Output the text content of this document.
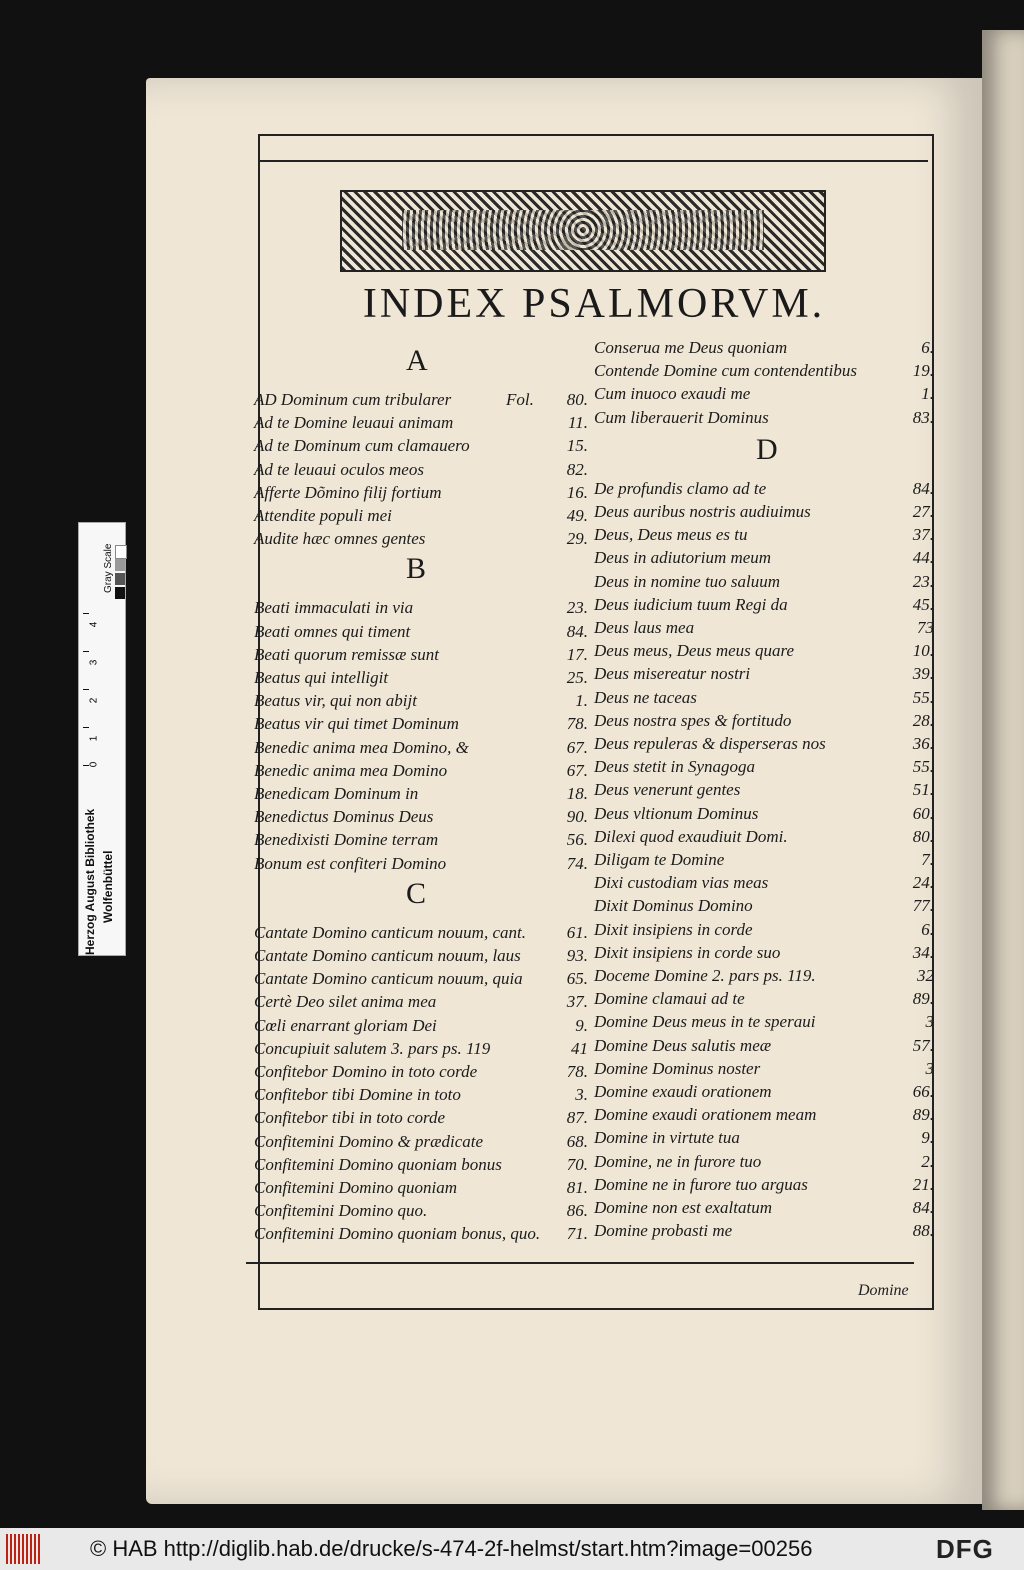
INDEX PSALMORVM.
A
AD Dominum cum tribularer	Fol.	80.
Ad te Domine leuaui animam	11.
Ad te Dominum cum clamauero	15.
Ad te leuaui oculos meos	82.
Afferte Dõmino filij fortium	16.
Attendite populi mei	49.
Audite hæc omnes gentes	29.
B
Beati immaculati in via	23.
Beati omnes qui timent	84.
Beati quorum remissæ sunt	17.
Beatus qui intelligit	25.
Beatus vir, qui non abijt	1.
Beatus vir qui timet Dominum	78.
Benedic anima mea Domino, &	67.
Benedic anima mea Domino	67.
Benedicam Dominum in	18.
Benedictus Dominus Deus	90.
Benedixisti Domine terram	56.
Bonum est confiteri Domino	74.
C
Cantate Domino canticum nouum, cant.	61.
Cantate Domino canticum nouum, laus	93.
Cantate Domino canticum nouum, quia	65.
Certè Deo silet anima mea	37.
Cœli enarrant gloriam Dei	9.
Concupiuit salutem 3. pars ps. 119	41
Confitebor Domino in toto corde	78.
Confitebor tibi Domine in toto	3.
Confitebor tibi in toto corde	87.
Confitemini Domino & prædicate	68.
Confitemini Domino quoniam bonus	70.
Confitemini Domino quoniam	81.
Confitemini Domino quo.	86.
Confitemini Domino quoniam bonus, quo.	71.
Conserua me Deus quoniam	6.
Contende Domine cum contendentibus	19.
Cum inuoco exaudi me	1.
Cum liberauerit Dominus	83.
D
De profundis clamo ad te	84.
Deus auribus nostris audiuimus	27.
Deus, Deus meus es tu	37.
Deus in adiutorium meum	44.
Deus in nomine tuo saluum	23.
Deus iudicium tuum Regi da	45.
Deus laus mea	73
Deus meus, Deus meus quare	10.
Deus misereatur nostri	39.
Deus ne taceas	55.
Deus nostra spes & fortitudo	28.
Deus repuleras & dispersеras nos	36.
Deus stetit in Synagoga	55.
Deus venerunt gentes	51.
Deus vltionum Dominus	60.
Dilexi quod exaudiuit Domi.	80.
Diligam te Domine	7.
Dixi custodiam vias meas	24.
Dixit Dominus Domino	77.
Dixit insipiens in corde	6.
Dixit insipiens in corde suo	34.
Doceme Domine 2. pars ps. 119.	32
Domine clamaui ad te	89.
Domine Deus meus in te speraui	3
Domine Deus salutis meæ	57.
Domine Dominus noster	3
Domine exaudi orationem	66.
Domine exaudi orationem meam	89.
Domine in virtute tua	9.
Domine, ne in furore tuo	2.
Domine ne in furore tuo arguas	21.
Domine non est exaltatum	84.
Domine probasti me	88.
Domine
Gray Scale
4
3
2
1
0
Herzog August Bibliothek Wolfenbüttel
© HAB http://diglib.hab.de/drucke/s-474-2f-helmst/start.htm?image=00256	DFG
